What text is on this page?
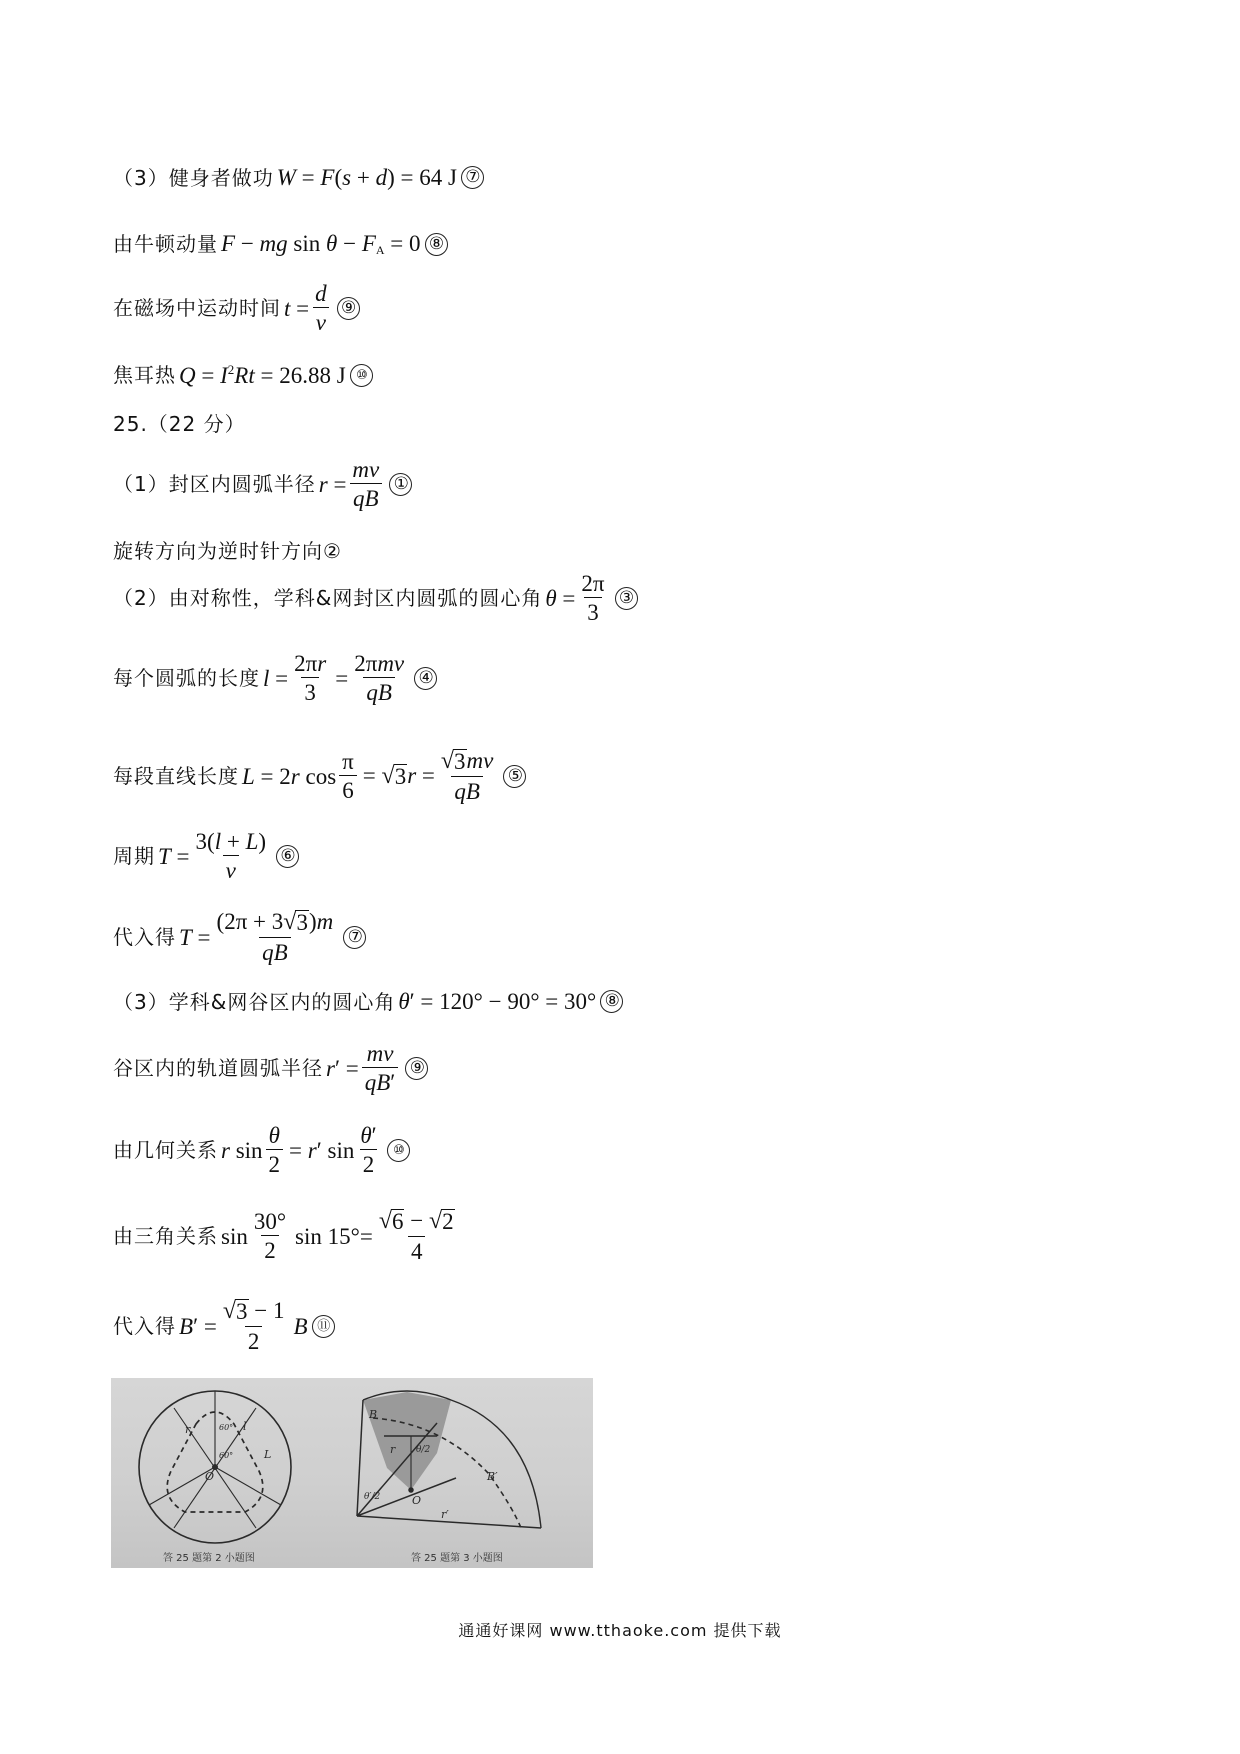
（3）健身者做功 W = F(s + d) = 64 J ⑦
由牛顿动量 F − mg $\sin \theta - F_A = 0$ ⑧
在磁场中运动时间 $t = \frac{d}{v}$ ⑨
焦耳热 $Q = I^2Rt = 26.88$ J ⑩
25.（22 分）
（1）封区内圆弧半径 $r = \frac{mv}{qB}$ ①
旋转方向为逆时针方向②
（2）由对称性，学科&网封区内圆弧的圆心角 $\theta = \frac{2\pi}{3}$ ③
每个圆弧的长度 $l = \frac{2\pi r}{3} = \frac{\text{2πmv}}{qB}$ ④
每段直线长度 L = 2r $\cos \frac{\pi}{6}$ = √ 3 $r = \frac{√ 3 mv}{qB}$ ⑤
周期 $T = \frac{3(l + L)}{v}$ ⑥
代入得 $T = \frac{(2\pi + 3 √ 3 )m}{qB}$ ⑦
（3）学科&网谷区内的圆心角 θ′ = 120° − 90° = 30° ⑧
谷区内的轨道圆弧半径 $r' = \frac{mv}{qB'}$ ⑨
由几何关系 r $\sin \frac{\theta}{2} = r'$ $\sin \frac{\theta'}{2}$	⑩
由三角关系 $\sin \frac{30^\circ}{2}$ $\sin 15^\circ= \frac{√ 6 - √ 2}{4}$
代入得 $B' = \frac{√ 3 - 1}{2}$ B ⑪
O
r	l
L
60°
60°
B
B′
r θ/2
O
θ′/2
r′
答 25 题第 2 小题图	答 25 题第 3 小题图
通通好课网 www.tthaoke.com 提供下载
